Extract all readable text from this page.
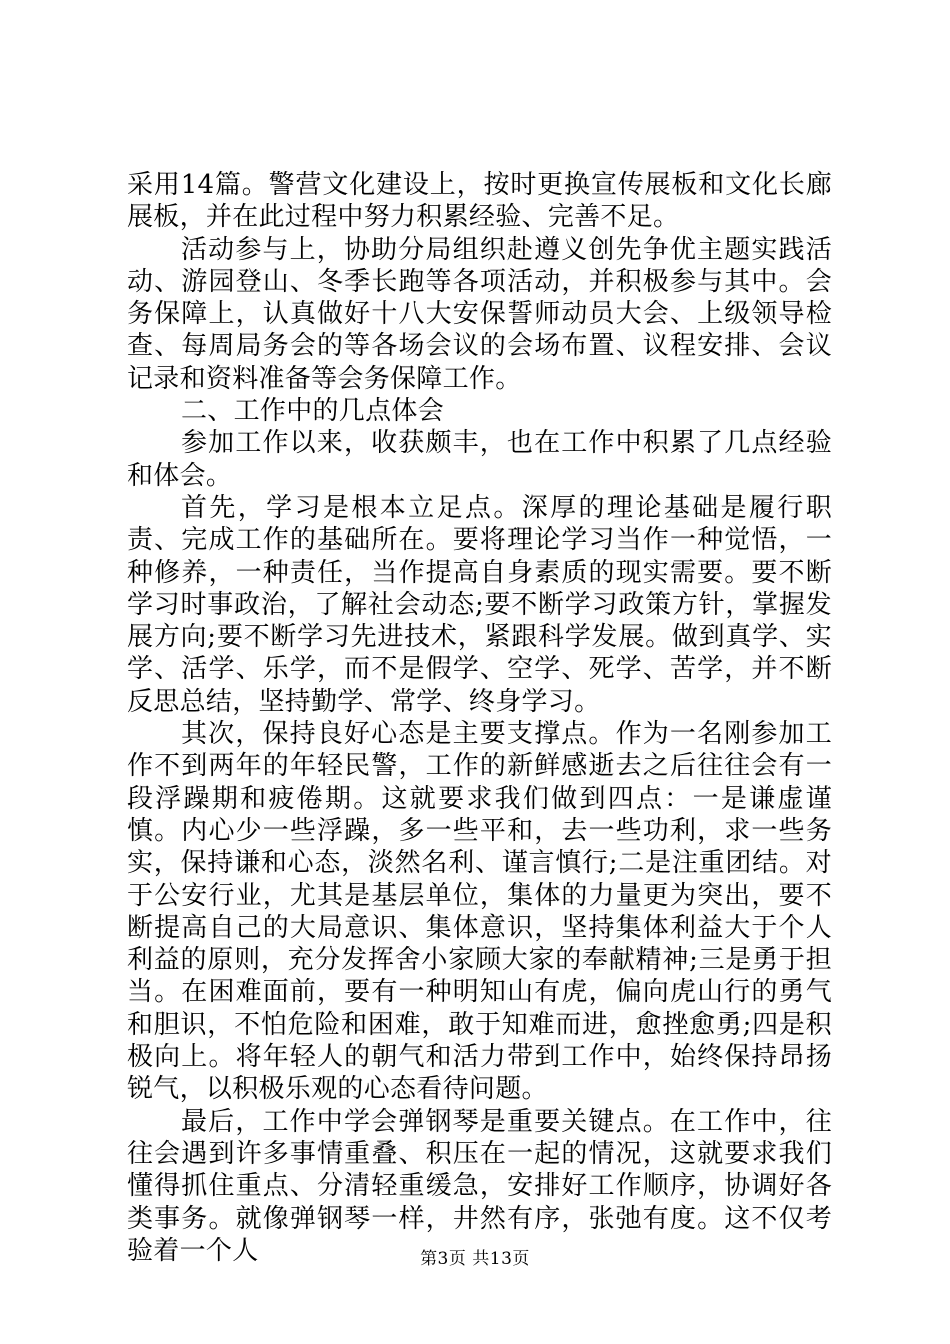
采用14篇。警营文化建设上，按时更换宣传展板和文化长廊展板，并在此过程中努力积累经验、完善不足。

活动参与上，协助分局组织赴遵义创先争优主题实践活动、游园登山、冬季长跑等各项活动，并积极参与其中。会务保障上，认真做好十八大安保誓师动员大会、上级领导检查、每周局务会的等各场会议的会场布置、议程安排、会议记录和资料准备等会务保障工作。

二、工作中的几点体会

参加工作以来，收获颇丰，也在工作中积累了几点经验和体会。

首先，学习是根本立足点。深厚的理论基础是履行职责、完成工作的基础所在。要将理论学习当作一种觉悟，一种修养，一种责任，当作提高自身素质的现实需要。要不断学习时事政治，了解社会动态;要不断学习政策方针，掌握发展方向;要不断学习先进技术，紧跟科学发展。做到真学、实学、活学、乐学，而不是假学、空学、死学、苦学，并不断反思总结，坚持勤学、常学、终身学习。

其次，保持良好心态是主要支撑点。作为一名刚参加工作不到两年的年轻民警，工作的新鲜感逝去之后往往会有一段浮躁期和疲倦期。这就要求我们做到四点：一是谦虚谨慎。内心少一些浮躁，多一些平和，去一些功利，求一些务实，保持谦和心态，淡然名利、谨言慎行;二是注重团结。对于公安行业，尤其是基层单位，集体的力量更为突出，要不断提高自己的大局意识、集体意识，坚持集体利益大于个人利益的原则，充分发挥舍小家顾大家的奉献精神;三是勇于担当。在困难面前，要有一种明知山有虎，偏向虎山行的勇气和胆识，不怕危险和困难，敢于知难而进，愈挫愈勇;四是积极向上。将年轻人的朝气和活力带到工作中，始终保持昂扬锐气，以积极乐观的心态看待问题。

最后，工作中学会弹钢琴是重要关键点。在工作中，往往会遇到许多事情重叠、积压在一起的情况，这就要求我们懂得抓住重点、分清轻重缓急，安排好工作顺序，协调好各类事务。就像弹钢琴一样，井然有序，张弛有度。这不仅考验着一个人	第3页 共13页
